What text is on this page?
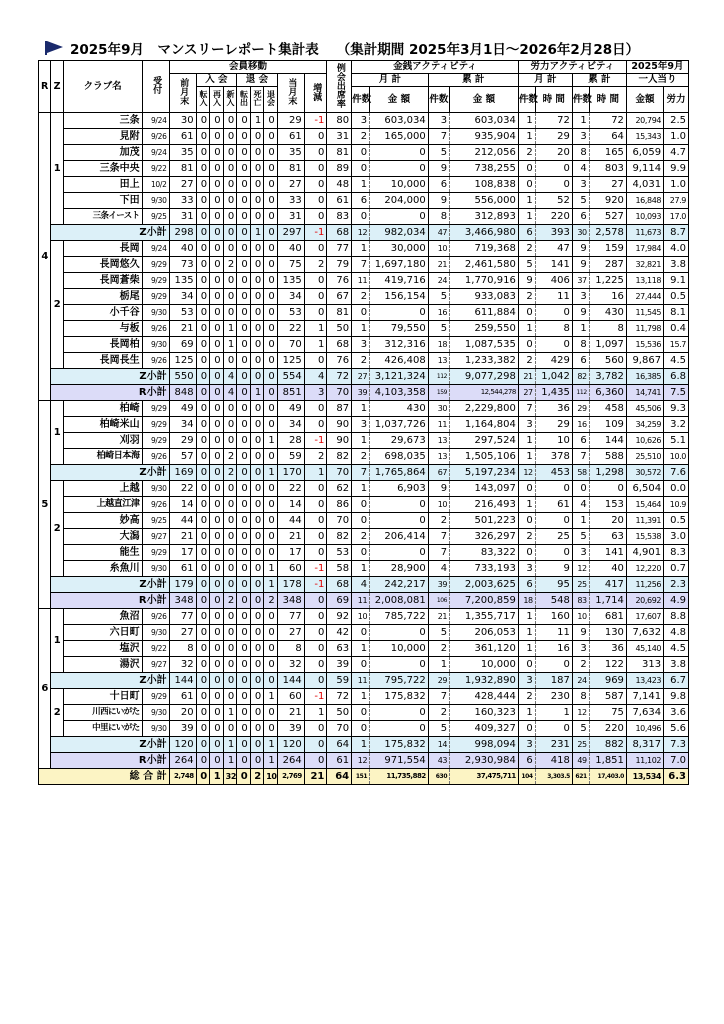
2025年9月　マンスリーレポート集計表 （集計期間 2025年3月1日～2026年2月28日）
R	Z	クラブ名	受付	会員移動									例会出席率	金銭アクティビティ				労力アクティビティ				2025年9月	
				前月末	入 会			退 会			当月末	増減		月 計		累 計		月 計		累 計		一人当り	
					転入	再入	新入	転出	死亡	退会				件数	金 額	件数	金 額	件数	時 間	件数	時 間	金額	労力

4	1	三条	9/24	30	0	0	0	0	1	0	29	-1	80	3	603,034	3	603,034	1	72	1	72	20,794	2.5
		見附	9/26	61	0	0	0	0	0	0	61	0	31	2	165,000	7	935,904	1	29	3	64	15,343	1.0
		加茂	9/24	35	0	0	0	0	0	0	35	0	81	0	0	5	212,056	2	20	8	165	6,059	4.7
		三条中央	9/22	81	0	0	0	0	0	0	81	0	89	0	0	9	738,255	0	0	4	803	9,114	9.9
		田上	10/2	27	0	0	0	0	0	0	27	0	48	1	10,000	6	108,838	0	0	3	27	4,031	1.0
		下田	9/30	33	0	0	0	0	0	0	33	0	61	6	204,000	9	556,000	1	52	5	920	16,848	27.9
		三条イースト	9/25	31	0	0	0	0	0	0	31	0	83	0	0	8	312,893	1	220	6	527	10,093	17.0
	Z小計			298	0	0	0	0	1	0	297	-1	68	12	982,034	47	3,466,980	6	393	30	2,578	11,673	8.7
	2	長岡	9/24	40	0	0	0	0	0	0	40	0	77	1	30,000	10	719,368	2	47	9	159	17,984	4.0
		長岡悠久	9/29	73	0	0	2	0	0	0	75	2	79	7	1,697,180	21	2,461,580	5	141	9	287	32,821	3.8
		長岡蒼柴	9/29	135	0	0	0	0	0	0	135	0	76	11	419,716	24	1,770,916	9	406	37	1,225	13,118	9.1
		栃尾	9/29	34	0	0	0	0	0	0	34	0	67	2	156,154	5	933,083	2	11	3	16	27,444	0.5
		小千谷	9/30	53	0	0	0	0	0	0	53	0	81	0	0	16	611,884	0	0	9	430	11,545	8.1
		与板	9/26	21	0	0	1	0	0	0	22	1	50	1	79,550	5	259,550	1	8	1	8	11,798	0.4
		長岡柏	9/30	69	0	0	1	0	0	0	70	1	68	3	312,316	18	1,087,535	0	0	8	1,097	15,536	15.7
		長岡長生	9/26	125	0	0	0	0	0	0	125	0	76	2	426,408	13	1,233,382	2	429	6	560	9,867	4.5
	Z小計			550	0	0	4	0	0	0	554	4	72	27	3,121,324	112	9,077,298	21	1,042	82	3,782	16,385	6.8
	R小計			848	0	0	4	0	1	0	851	3	70	39	4,103,358	159	12,544,278	27	1,435	112	6,360	14,741	7.5
5	1	柏崎	9/29	49	0	0	0	0	0	0	49	0	87	1	430	30	2,229,800	7	36	29	458	45,506	9.3
		柏崎米山	9/29	34	0	0	0	0	0	0	34	0	90	3	1,037,726	11	1,164,804	3	29	16	109	34,259	3.2
		刈羽	9/29	29	0	0	0	0	0	1	28	-1	90	1	29,673	13	297,524	1	10	6	144	10,626	5.1
		柏崎日本海	9/26	57	0	0	2	0	0	0	59	2	82	2	698,035	13	1,505,106	1	378	7	588	25,510	10.0
	Z小計			169	0	0	2	0	0	1	170	1	70	7	1,765,864	67	5,197,234	12	453	58	1,298	30,572	7.6
	2	上越	9/30	22	0	0	0	0	0	0	22	0	62	1	6,903	9	143,097	0	0	0	0	6,504	0.0
		上越直江津	9/26	14	0	0	0	0	0	0	14	0	86	0	0	10	216,493	1	61	4	153	15,464	10.9
		妙高	9/25	44	0	0	0	0	0	0	44	0	70	0	0	2	501,223	0	0	1	20	11,391	0.5
		大潟	9/27	21	0	0	0	0	0	0	21	0	82	2	206,414	7	326,297	2	25	5	63	15,538	3.0
		能生	9/29	17	0	0	0	0	0	0	17	0	53	0	0	7	83,322	0	0	3	141	4,901	8.3
		糸魚川	9/30	61	0	0	0	0	0	1	60	-1	58	1	28,900	4	733,193	3	9	12	40	12,220	0.7
	Z小計			179	0	0	0	0	0	1	178	-1	68	4	242,217	39	2,003,625	6	95	25	417	11,256	2.3
	R小計			348	0	0	2	0	0	2	348	0	69	11	2,008,081	106	7,200,859	18	548	83	1,714	20,692	4.9
6	1	魚沼	9/26	77	0	0	0	0	0	0	77	0	92	10	785,722	21	1,355,717	1	160	10	681	17,607	8.8
		六日町	9/30	27	0	0	0	0	0	0	27	0	42	0	0	5	206,053	1	11	9	130	7,632	4.8
		塩沢	9/22	8	0	0	0	0	0	0	8	0	63	1	10,000	2	361,120	1	16	3	36	45,140	4.5
		湯沢	9/27	32	0	0	0	0	0	0	32	0	39	0	0	1	10,000	0	0	2	122	313	3.8
	Z小計			144	0	0	0	0	0	0	144	0	59	11	795,722	29	1,932,890	3	187	24	969	13,423	6.7
	2	十日町	9/29	61	0	0	0	0	0	1	60	-1	72	1	175,832	7	428,444	2	230	8	587	7,141	9.8
		川西にいがた	9/30	20	0	0	1	0	0	0	21	1	50	0	0	2	160,323	1	1	12	75	7,634	3.6
		中里にいがた	9/30	39	0	0	0	0	0	0	39	0	70	0	0	5	409,327	0	0	5	220	10,496	5.6
	Z小計			120	0	0	1	0	0	1	120	0	64	1	175,832	14	998,094	3	231	25	882	8,317	7.3
	R小計			264	0	0	1	0	0	1	264	0	61	12	971,554	43	2,930,984	6	418	49	1,851	11,102	7.0
総 合 計				2,748	0	1	32	0	2	10	2,769	21	64	151	11,735,882	630	37,475,711	104	3,303.5	621	17,403.0	13,534	6.3
